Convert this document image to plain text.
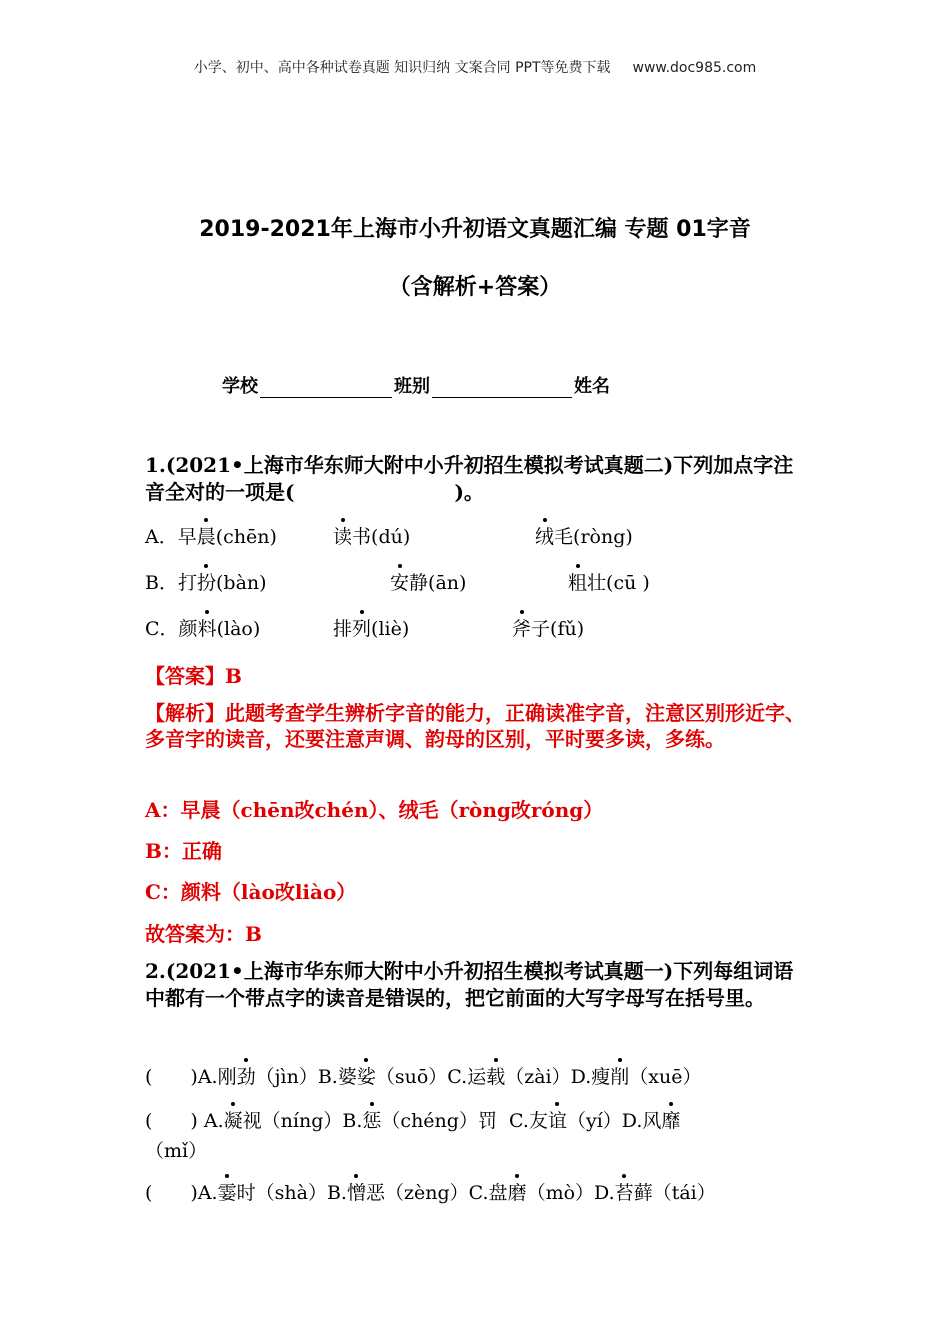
小学、初中、高中各种试卷真题 知识归纳 文案合同 PPT等免费下载 www.doc985.com
2019-2021年上海市小升初语文真题汇编 专题 01字音
（含解析+答案）
学校	班别	姓名
1.(2021•上海市华东师大附中小升初招生模拟考试真题二)下列加点字注音全对的一项是(　　　　　　　　)。
A．早晨(chēn)	读书(dú)	绒毛(ròng)
B．打扮(bàn)	安静(ān)	粗壮(cū )
C．颜料(lào)	排列(liè)	斧子(fǔ)
【答案】B
【解析】此题考查学生辨析字音的能力，正确读准字音，注意区别形近字、多音字的读音，还要注意声调、韵母的区别，平时要多读，多练。
A：早晨（chēn改chén）、绒毛（ròng改róng）
B：正确
C：颜料（lào改liào）
故答案为：B
2.(2021•上海市华东师大附中小升初招生模拟考试真题一)下列每组词语中都有一个带点字的读音是错误的，把它前面的大写字母写在括号里。
(　　)A.刚劲（jìn）B.婆娑（suō）C.运载（zài）D.瘦削（xuē）
(　　) A.凝视（níng）B.惩（chéng）罚 C.友谊（yí）D.风靡
（mǐ）
(　　)A.霎时（shà）B.憎恶（zèng）C.盘磨（mò）D.苔藓（tái）
